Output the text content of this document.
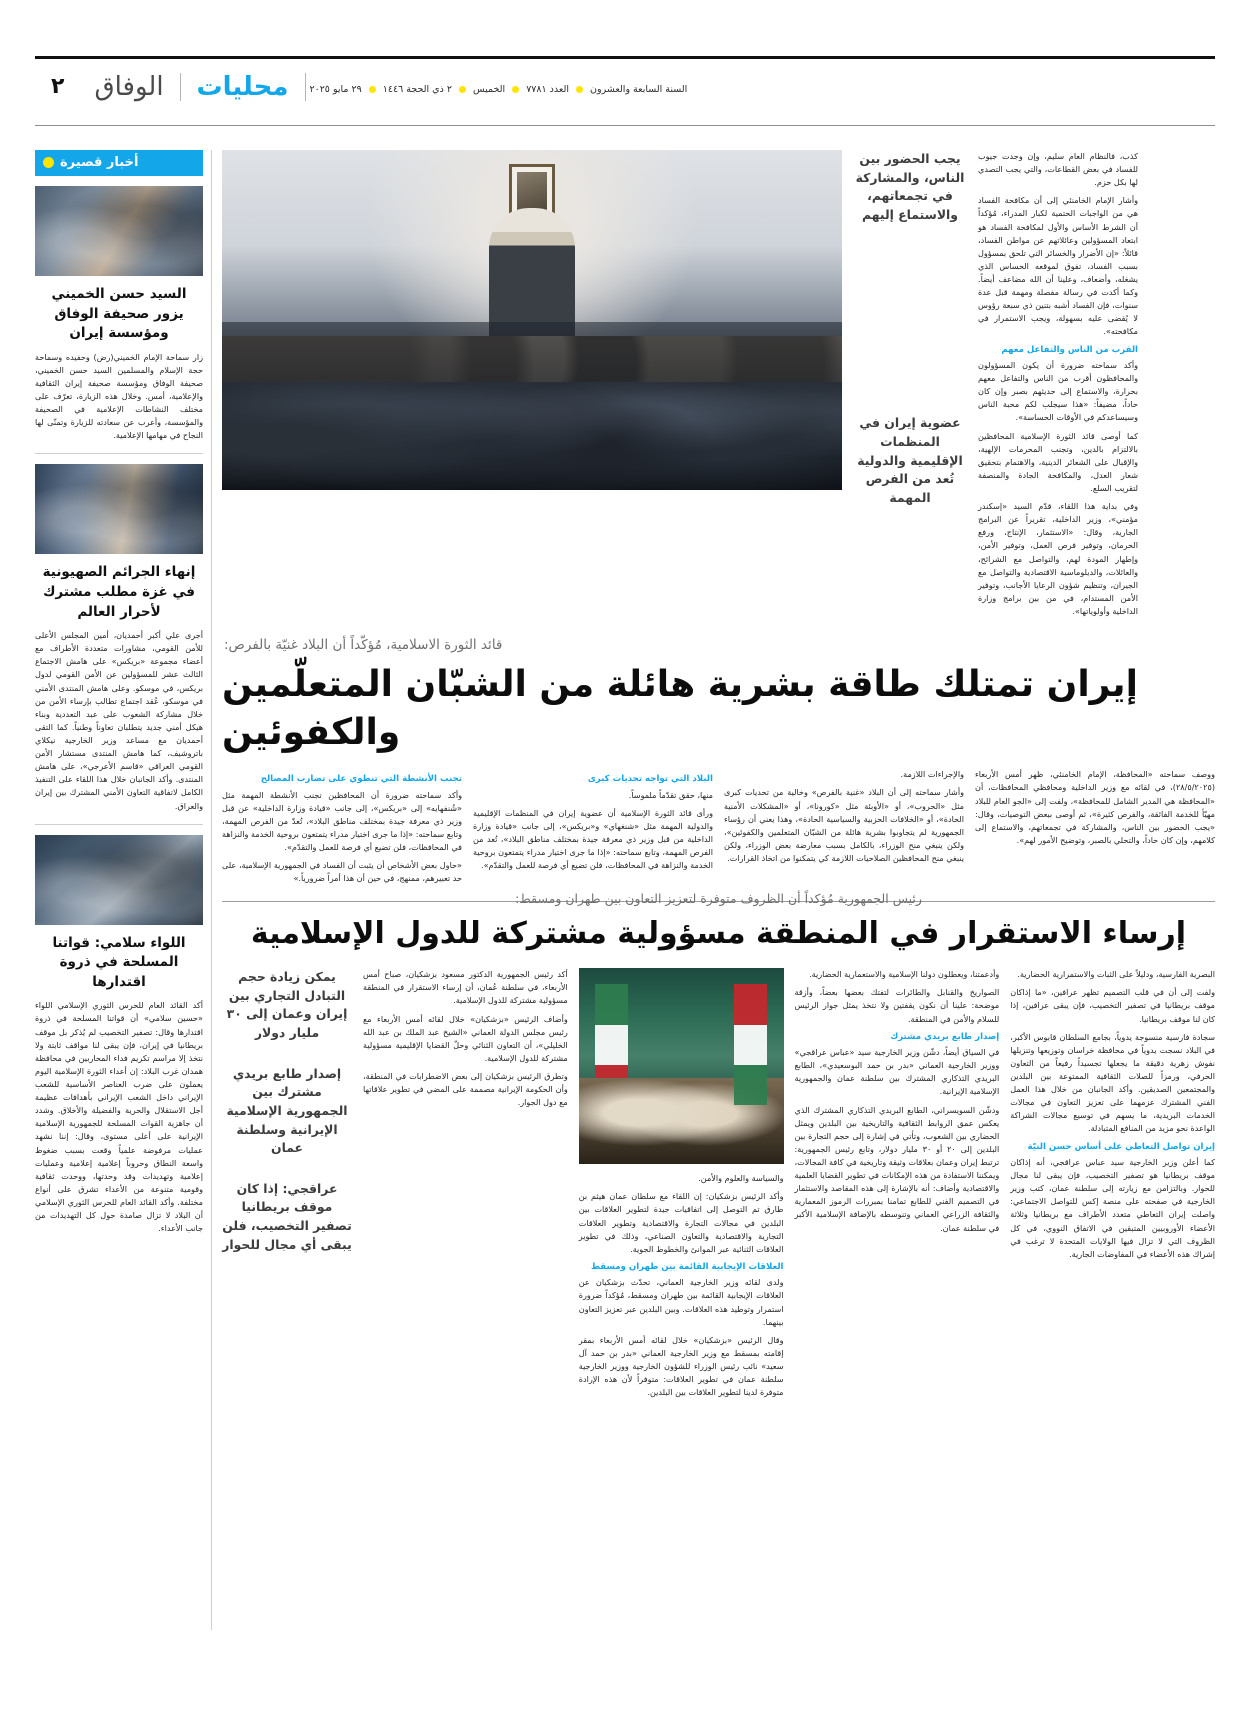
٢	الوفاق	محليات	السنة السابعة والعشرون  العدد ٧٧٨١  الخميس  ٢ ذي الحجة ١٤٤٦  ٢٩ مايو ٢٠٢٥
أخبار قصيرة
السيد حسن الخميني يزور صحيفة الوفاق ومؤسسة إيران
زار سماحة الإمام الخميني(رض) وحفيده وسماحة حجة الإسلام والمسلمين السيد حسن الخميني، صحيفة الوفاق ومؤسسة صحيفة إيران الثقافية والإعلامية، أمس. وخلال هذه الزيارة، تعرّف على مختلف النشاطات الإعلامية في الصحيفة والمؤسسة، وأعرب عن سعادته للزيارة وتمنّى لها النجاح في مهامها الإعلامية.
إنهاء الجرائم الصهيونية في غزة مطلب مشترك لأحرار العالم
أجرى علي أكبر أحمديان، أمين المجلس الأعلى للأمن القومي، مشاورات متعددة الأطراف مع أعضاء مجموعة «بريكس» على هامش الاجتماع الثالث عشر للمسؤولين عن الأمن القومي لدول بريكس، في موسكو. وعلى هامش المنتدى الأمني في موسكو، عُقد اجتماع تطالب بإرساء الأمن من خلال مشاركة الشعوب على عبد التعددية وبناء هيكل أمني جديد يتطلبان تعاوناً وطنياً. كما التقى أحمديان مع مساعد وزير الخارجية نيكلاي باتروشيف، كما هامش المنتدى مستشار الأمن القومي العراقي «قاسم الأعرجي»، على هامش المنتدى. وأكد الجانبان خلال هذا اللقاء على التنفيذ الكامل لاتفاقية التعاون الأمني المشترك بين إيران والعراق.
اللواء سلامي: قواتنا المسلحة في ذروة اقتدارها
أكد القائد العام للحرس الثوري الإسلامي اللواء «حسين سلامي» أن قواتنا المسلحة في ذروة اقتدارها وقال: تصفير التخصيب لم يُذكر بل موقف بريطانيا في إيران، فإن يبقى لنا مواقف ثابتة ولا نتخذ إلا مراسم تكريم فداء المحاربين في محافظة همدان غرب البلاد: إن أعداء الثورة الإسلامية اليوم يعملون على ضرب العناصر الأساسية للشعب الإيراني داخل الشعب الإيراني بأهدافات عظيمة أجل الاستقلال والحرية والفضيلة والأخلاق. وشدد أن جاهزية القوات المسلحة للجمهورية الإسلامية الإيرانية على أعلى مستوى، وقال: إننا نشهد عمليات مرفوضة علمياً وقعت بسبب ضغوط واسعة النطاق وحروباً إعلامية إعلامية وعمليات إعلامية وتهديدات وقد وحدتها، ووحدت ثقافية وقومية متنوعة من الأعداء تشرق على أنواع مختلفة. وأكد القائد العام للحرس الثوري الإسلامي أن البلاد لا تزال صامدة حول كل التهديدات من جانب الأعداء.
يجب الحضور بين الناس، والمشاركة في تجمعاتهم، والاستماع إليهم
عضوية إيران في المنظمات الإقليمية والدولية تُعد من الفرص المهمة

كذب، فالنظام العام سليم، وإن وجدت جيوب للفساد في بعض القطاعات، والتي يجب التصدي لها بكل حزم.

وأشار الإمام الخامنئي إلى أن مكافحة الفساد هي من الواجبات الحتمية لكبار المدراء، مُؤكداً أن الشرط الأساس والأول لمكافحة الفساد هو ابتعاد المسؤولين وعائلاتهم عن مواطن الفساد، قائلاً: «إن الأضرار والخسائر التي تلحق بمسؤول بسبب الفساد، تفوق لموقعه الحساس الذي يشغله، وأضعاف، وعلينا أن الله مضاعف أيضاً. وكما أكدت في رسالة مفصلة ومهمة قبل عدة سنوات، فإن الفساد أشبه بتنين ذي سبعة رؤوس لا يُقضى عليه بسهولة، ويجب الاستمرار في مكافحته».

القرب من الناس والتفاعل معهم

وأكد سماحته ضرورة أن يكون المسؤولون والمحافظون أقرب من الناس والتفاعل معهم بحرارة، والاستماع إلى حديثهم بصبر وإن كان حاداً، مضيفاً: «هذا سيجلب لكم محبة الناس وسيساعدكم في الأوقات الحساسة».

كما أوصى قائد الثورة الإسلامية المحافظين بالالتزام بالدين، وتجنب المحرمات الإلهية، والإقبال على الشعائر الدينية، والاهتمام بتحقيق شعار العدل، والمكافحة الجادة والمنصفة لتقريب السلع.

وفي بداية هذا اللقاء، قدّم السيد «إسكندر مؤمني»، وزير الداخلية، تقريراً عن البرامج الجارية، وقال: «الاستثمار، الإنتاج، ورفع الحرمان، وتوفير فرص العمل، وتوفير الأمن، وإطهار المودة لهم، والتواصل مع الشرائح، والعائلات، والديلوماسية الاقتصادية والتواصل مع الجيران، وتنظيم شؤون الرعايا الأجانب، وتوفير الأمن المستدام، في من بين برامج وزارة الداخلية وأولوياتها».

قائد الثورة الاسلامية، مُؤكّداً أن البلاد غنيّة بالفرص:
إيران تمتلك طاقة بشرية هائلة من الشبّان المتعلّمين والكفوئين
تجنب الأنشطة التي تنطوي على تضارب المصالح

وأكد سماحته ضرورة أن المحافظين تجنب الأنشطة المهمة مثل «شُنفهايه» إلى «بريكس»، إلى جانب «قيادة وزارة الداخلية» عن قبل وزير ذي معرفة جيدة بمختلف مناطق البلاد»، تُعدّ من الفرص المهمة، وتابع سماحته: «إذا ما جرى اختيار مدراء يتمتعون بروحية الخدمة والنزاهة في المحافظات، فلن تضيع أي فرصة للعمل والتقدّم».

«حاول بعض الأشخاص أن يثبت أن الفساد في الجمهورية الإسلامية، على حد تعبيرهم، ممنهج، في حين أن هذا أمراً ضرورياً.»

البلاد التي تواجه تحديات كبرى

منها، حقق تقدّماً ملموساً.

ورأى قائد الثورة الإسلامية أن عضوية إيران في المنظمات الإقليمية والدولية المهمة مثل «شنغهاي» و«بريكس»، إلى جانب «قيادة وزارة الداخلية من قبل وزير ذي معرفة جيدة بمختلف مناطق البلاد»، تُعد من الفرص المهمة، وتابع سماحته: «إذا ما جرى اختيار مدراء يتمتعون بروحية الخدمة والنزاهة في المحافظات، فلن تضيع أي فرصة للعمل والتقدّم».

والإجراءات اللازمة.

وأشار سماحته إلى أن البلاد «غنية بالفرص» وخالية من تحديات كبرى مثل «الحروب»، أو «الأوبئة مثل «كورونا»، أو «المشكلات الأمنية الحادة»، أو «الخلافات الحزبية والسياسية الحادة»، وهذا يعني أن رؤساء الجمهورية لم يتجاوبوا بشرية هائلة من الشبّان المتعلمين والكفوئين»، ولكن ينبغي منح الوزراء، بالكامل بسبب معارضة بعض الوزراء، ولكن ينبغي منح المحافظين الصلاحيات اللازمة كي يتمكنوا من اتخاذ القرارات.

ووصف سماحته «المحافظة، الإمام الخامنئي، ظهر أمس الأربعاء (٢٨/٥/٢٠٢٥)، في لقائه مع وزير الداخلية ومحافظي المحافظات، أن «المحافظة هي المدير الشامل للمحافظة»، ولفت إلى «الجو العام للبلاد مهيّأ للخدمة الفائقة، والفرص كثيرة»، ثم أوصى ببعض التوصيات، وقال: «يجب الحضور بين الناس، والمشاركة في تجمعاتهم، والاستماع إلى كلامهم، وإن كان حاداً، والتحلي بالصبر، وتوضيح الأمور لهم».

رئيس الجمهورية مُؤكداً أن الظروف متوفرة لتعزيز التعاون بين طهران ومسقط:
إرساء الاستقرار في المنطقة مسؤولية مشتركة للدول الإسلامية
يمكن زيادة حجم التبادل التجاري بين إيران وعمان إلى ٣٠ مليار دولار
إصدار طابع بريدي مشترك بين الجمهورية الإسلامية الإيرانية وسلطنة عمان
عراقجي: إذا كان موقف بريطانيا تصفير التخصيب، فلن يبقى أي مجال للحوار

أكد رئيس الجمهورية الدكتور مسعود بزشكيان، صباح أمس الأربعاء، في سلطنة عُمان، أن إرساء الاستقرار في المنطقة مسؤولية مشتركة للدول الإسلامية.

وأضاف الرئيس «بزشكيان» خلال لقائه أمس الأربعاء مع رئيس مجلس الدولة العماني «الشيخ عبد الملك بن عبد الله الخليلي»، أن التعاون الثنائي وحلّ القضايا الإقليمية مسؤولية مشتركة للدول الإسلامية.

وتطرق الرئيس بزشكيان إلى بعض الاضطرابات في المنطقة، وأن الحكومة الإيرانية مصممة على المضي في تطوير علاقاتها مع دول الجوار.

والسياسة والعلوم والأمن.

وأكد الرئيس بزشكيان: إن اللقاء مع سلطان عمان هيثم بن طارق تم التوصل إلى اتفاقيات جيدة لتطوير العلاقات بين البلدين في مجالات التجارة والاقتصادية وتطوير العلاقات التجارية والاقتصادية والتعاون الصناعي، وذلك في تطوير العلاقات الثنائية عبر الموانئ والخطوط الجوية.

العلاقات الإيجابية القائمة بين طهران ومسقط

ولدى لقائه وزير الخارجية العماني، تحدّث بزشكيان عن العلاقات الإيجابية القائمة بين طهران ومسقط، مُؤكداً ضرورة استمرار وتوطيد هذه العلاقات. وبين البلدين عبر تعزيز التعاون بينهما.

وقال الرئيس «بزشكيان» خلال لقائه أمس الأربعاء بمقر إقامته بمسقط مع وزير الخارجية العماني «بدر بن حمد آل سعيد» نائب رئيس الوزراء للشؤون الخارجية ووزير الخارجية سلطنة عمان في تطوير العلاقات: متوفراً لأن هذه الإرادة متوفرة لدينا لتطوير العلاقات بين البلدين.

وأدعمتنا، ويعطلون دولنا الإسلامية والاستعمارية الحضارية.

الصواريخ والقنابل والطائرات لتفتك بعضها بعضاً، وأزقة موضحة: علينا أن نكون يقفتين ولا نتخذ يمثل جوار الرئيس للسلام والأمن في المنطقة.

إصدار طابع بريدي مشترك

في السياق أيضاً، دشّن وزير الخارجية سيد «عباس عراقجي» ووزير الخارجية العماني «بدر بن حمد البوسعيدي»، الطابع البريدي التذكاري المشترك بين سلطنة عمان والجمهورية الإسلامية الإيرانية.

ودشّن السويسراني، الطابع البريدي التذكاري المشترك الذي يعكس عمق الروابط الثقافية والتاريخية بين البلدين ويمثل الحضاري بين الشعوب، وتأتي في إشارة إلى حجم التجارة بين البلدين إلى ٢٠ أو ٣٠ مليار دولار، وتابع رئيس الجمهورية: ترتبط إيران وعمان بعلاقات وثيقة وتاريخية في كافة المجالات، ويمكننا الاستفادة من هذه الإمكانات في تطوير القضايا العلمية والاقتصادية وأضاف: أنه بالإشارة إلى هذه المقاصد والاستثمار في التصميم الفني للطابع تمامنا بمبررات الرموز المعمارية والثقافة الزراعي العماني وتنوسطه بالإضافة الإسلامية الأكبر في سلطنة عمان.

البصرية الفارسية، ودليلاً على الثبات والاستمرارية الحضارية.

ولفت إلى أن في قلب التصميم تظهر عرافين، «ما إذاكان موقف بريطانيا في تصفير التخصيب، فإن يبقى عرافين، إذا كان لنا موقف بريطانيا.

سجادة فارسية منسوجة يدوياً، بجامع السلطان قابوس الأكبر، في البلاد نسجت يدوياً في محافظة خراسان وتوزيعها وتنزيلها نفوش زهرية دقيقة ما يجعلها تجسيداً رفيعاً من التعاون الحرفي، ورمزاً للصلات الثقافية الممتوعة بين البلدين والمجتمعين الصديقين. وأكد الجانبان من خلال هذا العمل الفني المشترك عزمهما على تعزيز التعاون في مجالات الخدمات البريدية، ما يسهم في توسيع مجالات الشراكة الواعدة نحو مزيد من المنافع المتبادلة.

إيران تواصل التعاطي على أساس حسن النيّة

كما أعلن وزير الخارجية سيد عباس عراقجي، أنه إذاكان موقف بريطانيا هو تصفير التخصيب، فإن يبقى لنا مجال للحوار. وبالتزامن مع زيارته إلى سلطنة عمان، كتب وزير الخارجية في صفحته على منصة إكس للتواصل الاجتماعي: واصلت إيران التعاطي متعدد الأطراف مع بريطانيا وثلاثة الأعضاء الأوروبيين المتبقين في الاتفاق النووي، في كل الظروف التي لا تزال فيها الولايات المتحدة لا ترغب في إشراك هذه الأعضاء في المفاوضات الجارية.
